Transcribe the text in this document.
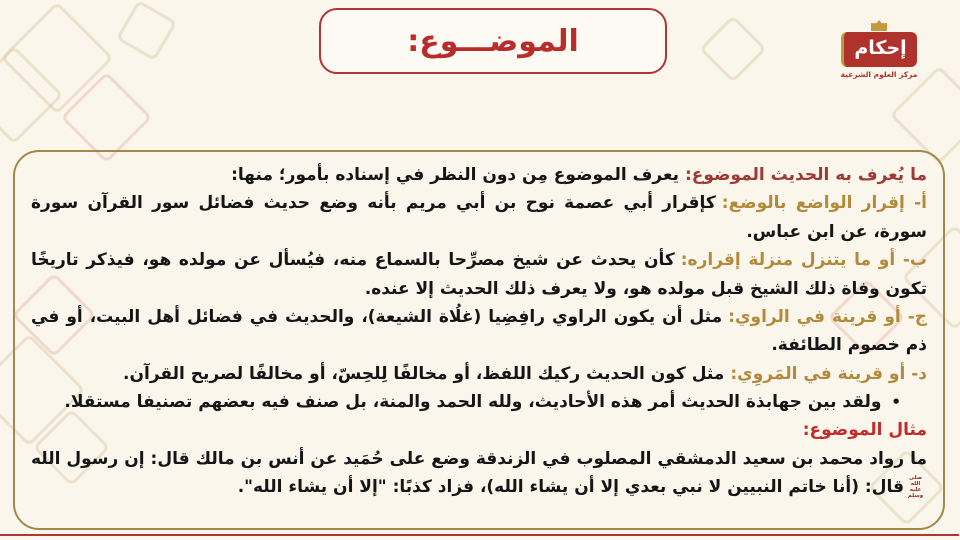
الموضـــوع:	إحكام
مركز العلوم الشرعية

ما يُعرف به الحديث الموضوع:يعرف الموضوع مِن دون النظر في إسناده بأمور؛ منها:

أ- إقرار الواضع بالوضع:كإقرار أبي عصمة نوح بن أبي مريم بأنه وضع حديث فضائل سور القرآن سورة سورة، عن ابن عباس.

ب- أو ما يتنزل منزلة إقراره:كأن يحدث عن شيخ مصرِّحا بالسماع منه، فيُسأل عن مولده هو، فيذكر تاريخًا تكون وفاة ذلك الشيخ قبل مولده هو، ولا يعرف ذلك الحديث إلا عنده.

ج- أو قرينة في الراوي:مثل أن يكون الراوي رافِضِيا (غلُاة الشيعة)، والحديث في فضائل أهل البيت، أو في ذم خصوم الطائفة.

د- أو قرينة في المَروِي:مثل كون الحديث ركيك اللفظ، أو مخالفًا لِلحِسّ، أو مخالفًا لصريح القرآن.

•ولقد بين جهابذة الحديث أمر هذه الأحاديث، ولله الحمد والمنة، بل صنف فيه بعضهم تصنيفا مستقلا.

مثال الموضوع:

ما رواد محمد بن سعيد الدمشقي المصلوب في الزندقة وضع على حُمَيد عن أنس بن مالك قال: إن رسول اللهصلى الله عليه وسلمقال: (أنا خاتم النبيين لا نبي بعدي إلا أن يشاء الله)، فزاد كذبًا: "إلا أن يشاء الله".
